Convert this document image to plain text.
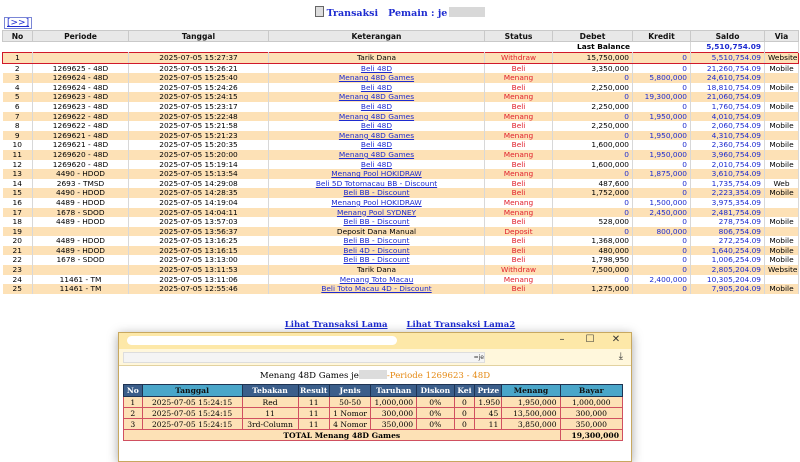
[>>]
Transaksi Pemain : je
No	Periode	Tanggal	Keterangan	Status	Debet	Kredit	Saldo	Via
Last Balance							5,510,754.09	
1		2025-07-05 15:27:37	Tarik Dana	Withdraw	15,750,000	0	5,510,754.09	Website
2	1269625 - 48D	2025-07-05 15:26:21	Beli 48D	Beli	3,350,000	0	21,260,754.09	Mobile
3	1269624 - 48D	2025-07-05 15:25:40	Menang 48D Games	Menang	0	5,800,000	24,610,754.09	
4	1269624 - 48D	2025-07-05 15:24:26	Beli 48D	Beli	2,250,000	0	18,810,754.09	Mobile
5	1269623 - 48D	2025-07-05 15:24:15	Menang 48D Games	Menang	0	19,300,000	21,060,754.09	
6	1269623 - 48D	2025-07-05 15:23:17	Beli 48D	Beli	2,250,000	0	1,760,754.09	Mobile
7	1269622 - 48D	2025-07-05 15:22:48	Menang 48D Games	Menang	0	1,950,000	4,010,754.09	
8	1269622 - 48D	2025-07-05 15:21:58	Beli 48D	Beli	2,250,000	0	2,060,754.09	Mobile
9	1269621 - 48D	2025-07-05 15:21:23	Menang 48D Games	Menang	0	1,950,000	4,310,754.09	
10	1269621 - 48D	2025-07-05 15:20:35	Beli 48D	Beli	1,600,000	0	2,360,754.09	Mobile
11	1269620 - 48D	2025-07-05 15:20:00	Menang 48D Games	Menang	0	1,950,000	3,960,754.09	
12	1269620 - 48D	2025-07-05 15:19:14	Beli 48D	Beli	1,600,000	0	2,010,754.09	Mobile
13	4490 - HDOD	2025-07-05 15:13:54	Menang Pool HOKIDRAW	Menang	0	1,875,000	3,610,754.09	
14	2693 - TMSD	2025-07-05 14:29:08	Beli 5D Totomacau BB - Discount	Beli	487,600	0	1,735,754.09	Web
15	4490 - HDOD	2025-07-05 14:28:35	Beli BB - Discount	Beli	1,752,000	0	2,223,354.09	Mobile
16	4489 - HDOD	2025-07-05 14:19:04	Menang Pool HOKIDRAW	Menang	0	1,500,000	3,975,354.09	
17	1678 - SDOD	2025-07-05 14:04:11	Menang Pool SYDNEY	Menang	0	2,450,000	2,481,754.09	
18	4489 - HDOD	2025-07-05 13:57:03	Beli BB - Discount	Beli	528,000	0	278,754.09	Mobile
19		2025-07-05 13:56:37	Deposit Dana Manual	Deposit	0	800,000	806,754.09	
20	4489 - HDOD	2025-07-05 13:16:25	Beli BB - Discount	Beli	1,368,000	0	272,254.09	Mobile
21	4489 - HDOD	2025-07-05 13:16:15	Beli 4D - Discount	Beli	480,000	0	1,640,254.09	Mobile
22	1678 - SDOD	2025-07-05 13:13:00	Beli BB - Discount	Beli	1,798,950	0	1,006,254.09	Mobile
23		2025-07-05 13:11:53	Tarik Dana	Withdraw	7,500,000	0	2,805,204.09	Website
24	11461 - TM	2025-07-05 13:11:06	Menang Toto Macau	Menang	0	2,400,000	10,305,204.09	
25	11461 - TM	2025-07-05 12:55:46	Beli Toto Macau 4D - Discount	Beli	1,275,000	0	7,905,204.09	Mobile
Lihat Transaksi Lama Lihat Transaksi Lama2
–	☐	✕
=je	⤓
Menang 48D Games je	-Periode 1269623 - 48D
No	Tanggal	Tebakan	Result	Jenis	Taruhan	Diskon	Kei	Prize	Menang	Bayar
1	2025-07-05 15:24:15	Red	11	50-50	1,000,000	0%	0	1.950	1,950,000	1,000,000
2	2025-07-05 15:24:15	11	11	1 Nomor	300,000	0%	0	45	13,500,000	300,000
3	2025-07-05 15:24:15	3rd-Column	11	4 Nomor	350,000	0%	0	11	3,850,000	350,000
TOTAL Menang 48D Games										19,300,000
